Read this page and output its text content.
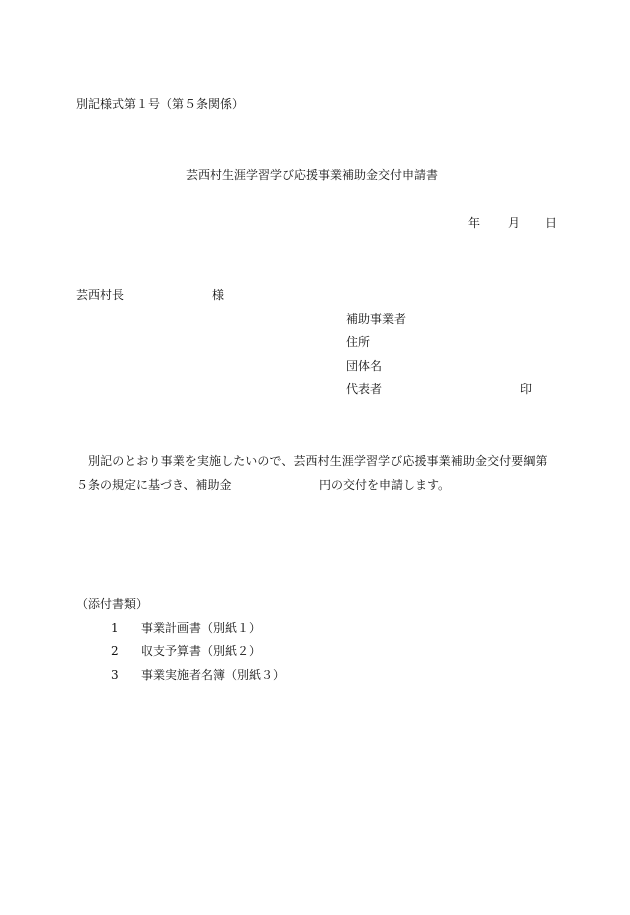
別記様式第１号（第５条関係）
芸西村生涯学習学び応援事業補助金交付申請書
年 月 日
芸西村長	様
補助事業者
住所
団体名
代表者	印
別記のとおり事業を実施したいので、芸西村生涯学習学び応援事業補助金交付要綱第
５条の規定に基づき、補助金	円の交付を申請します。
（添付書類）
1 事業計画書（別紙１）
2 収支予算書（別紙２）
3 事業実施者名簿（別紙３）
